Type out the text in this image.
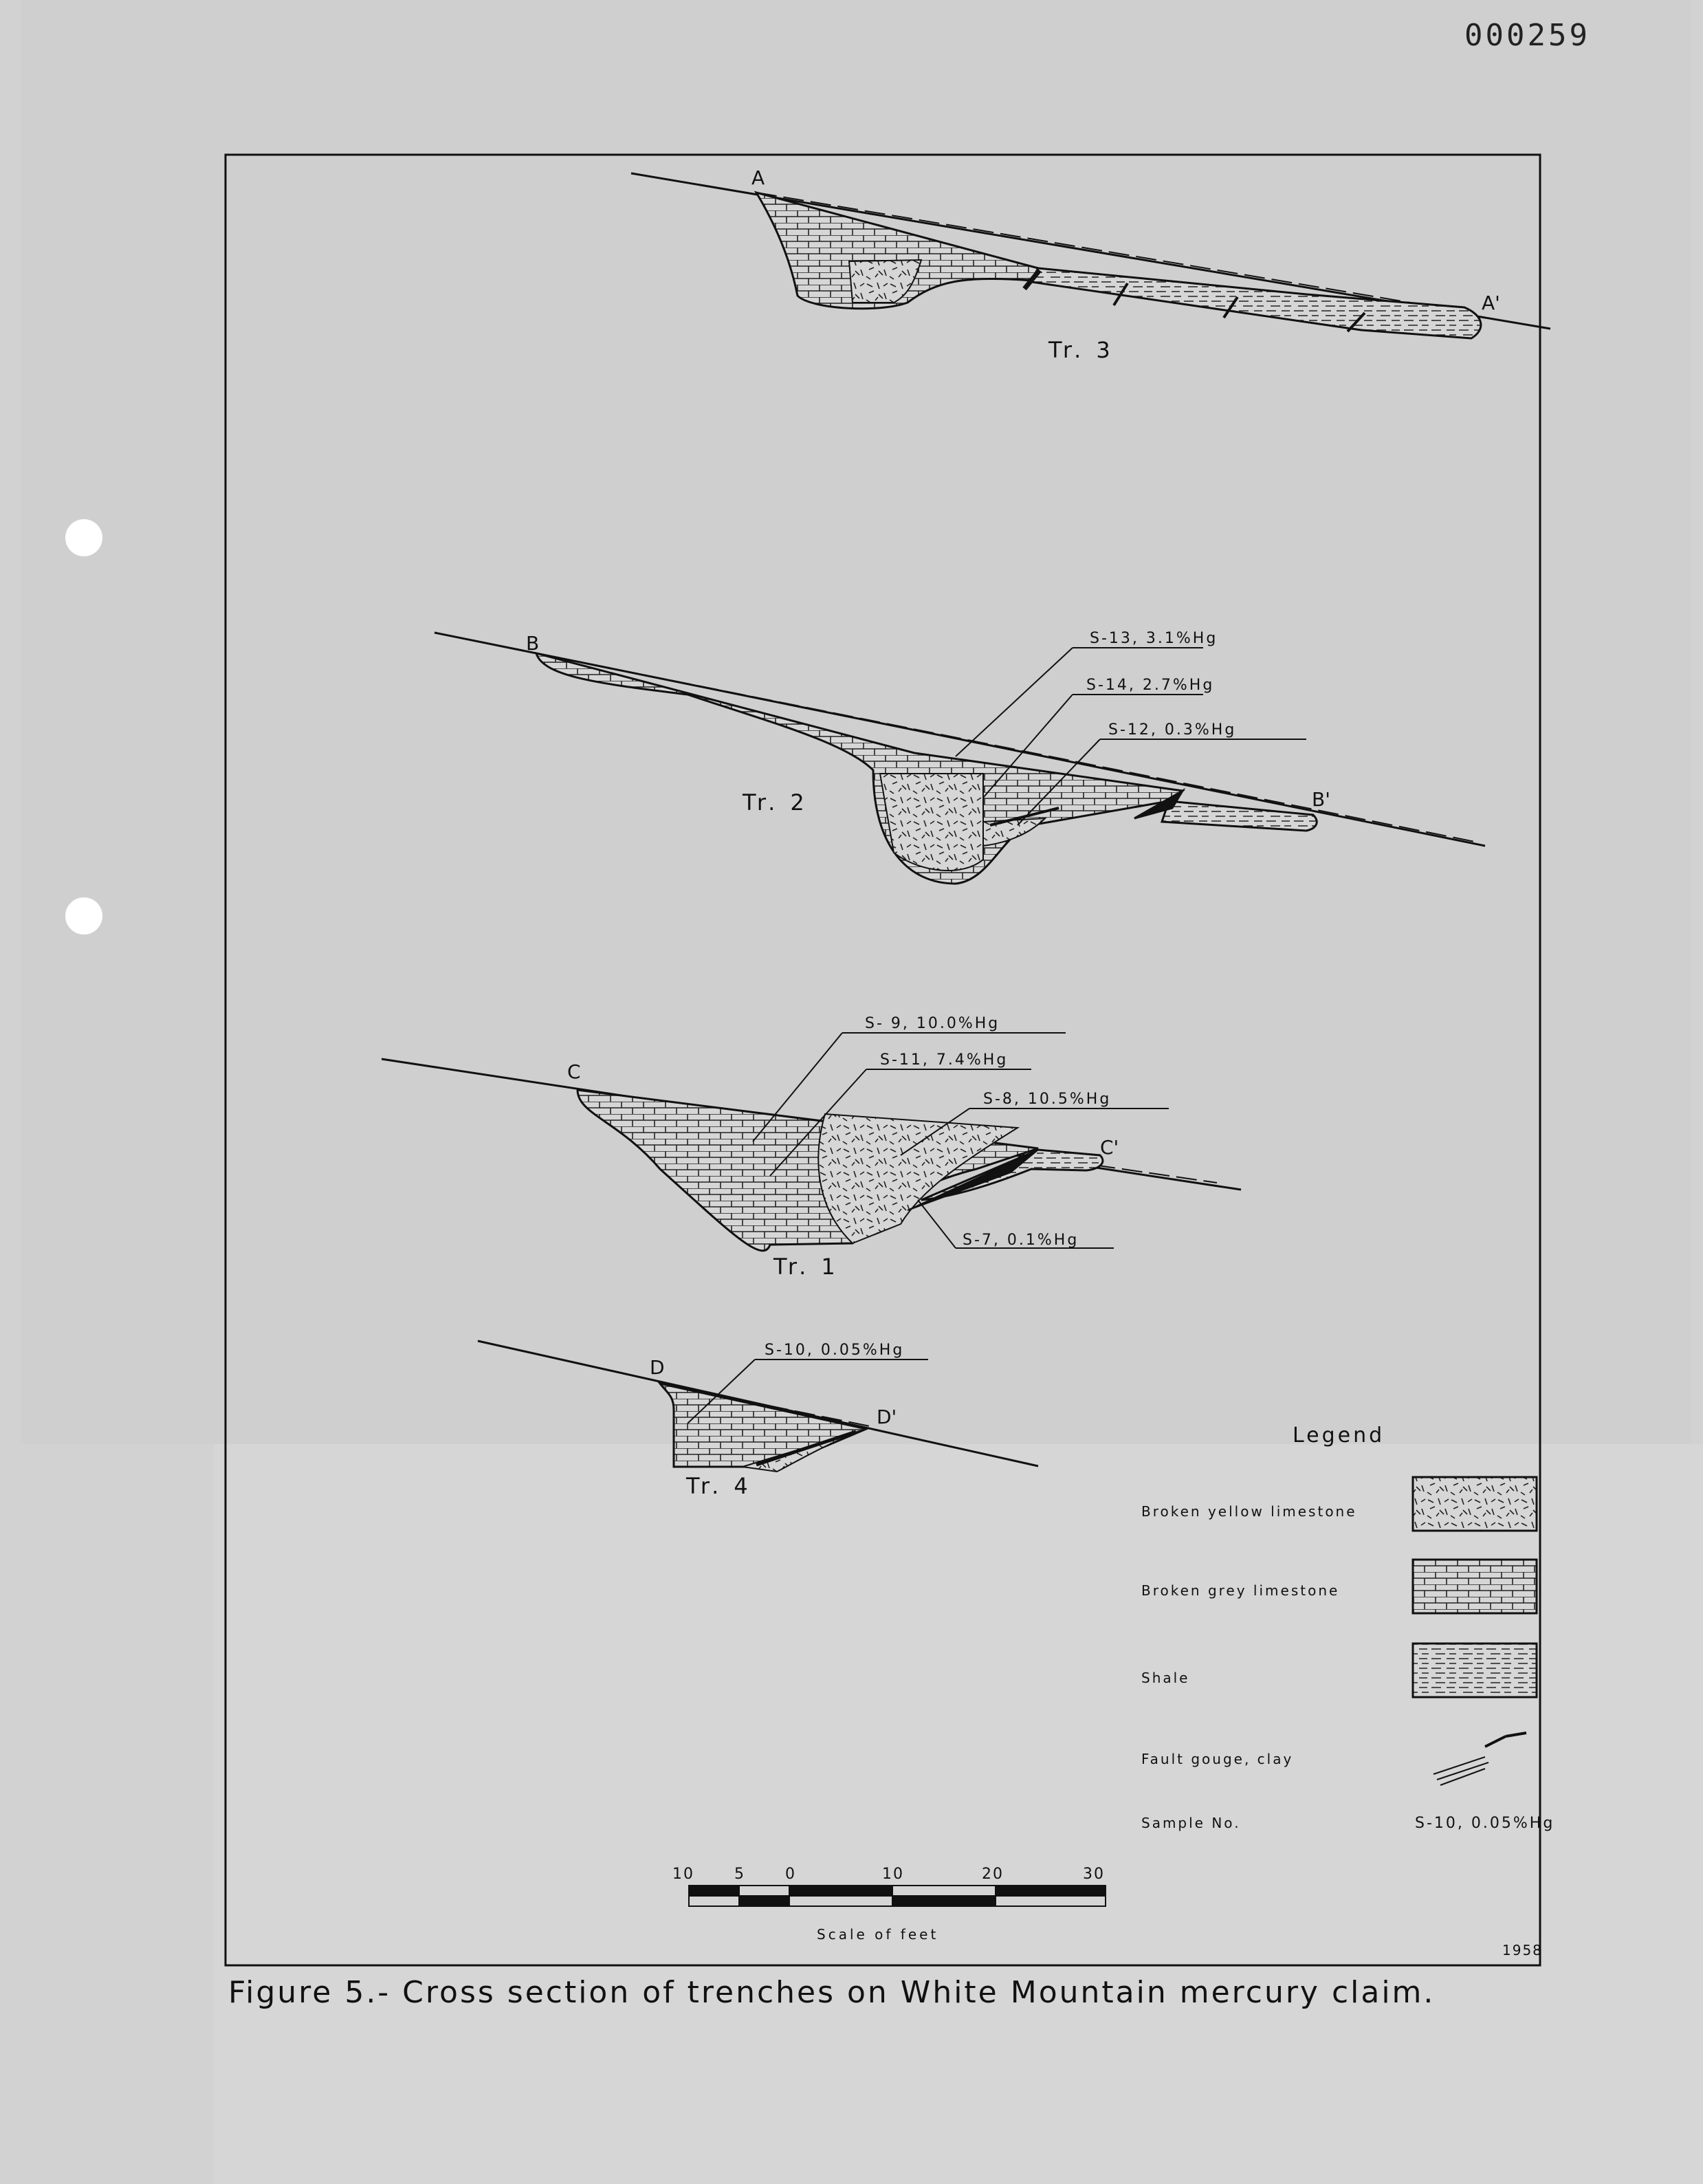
000259
A
A'
Tr. 3
B
B'
Tr. 2
S-13, 3.1%Hg
S-14, 2.7%Hg
S-12, 0.3%Hg
C
C'
Tr. 1
S- 9, 10.0%Hg
S-11, 7.4%Hg
S-8, 10.5%Hg
S-7, 0.1%Hg
D
D'
Tr. 4
S-10, 0.05%Hg
Legend
Broken yellow limestone
Broken grey limestone
Shale
Fault gouge, clay
Sample No.	S-10, 0.05%Hg
10	5	0	10	20	30
Scale of feet
1958
Figure 5.- Cross section of trenches on White Mountain mercury claim.
